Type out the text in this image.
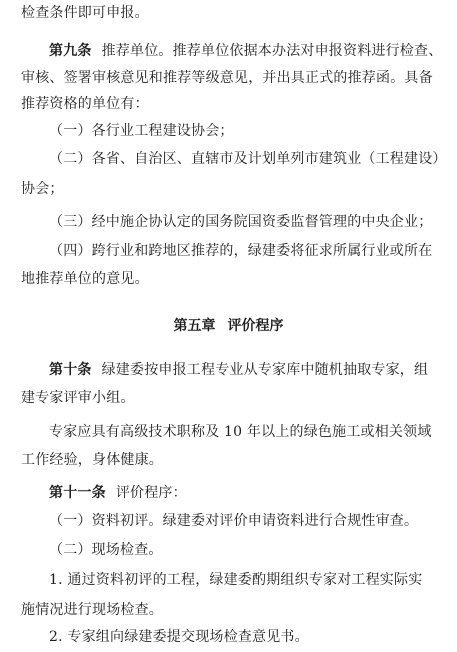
检查条件即可申报。
第九条 推荐单位。推荐单位依据本办法对申报资料进行检查、
审核、签署审核意见和推荐等级意见，并出具正式的推荐函。具备
推荐资格的单位有：
（一）各行业工程建设协会；
（二）各省、自治区、直辖市及计划单列市建筑业（工程建设）
协会；
（三）经中施企协认定的国务院国资委监督管理的中央企业；
（四）跨行业和跨地区推荐的，绿建委将征求所属行业或所在
地推荐单位的意见。
第五章 评价程序
第十条 绿建委按申报工程专业从专家库中随机抽取专家，组
建专家评审小组。
专家应具有高级技术职称及 10 年以上的绿色施工或相关领域
工作经验，身体健康。
第十一条 评价程序：
（一）资料初评。绿建委对评价申请资料进行合规性审查。
（二）现场检查。
1. 通过资料初评的工程，绿建委酌期组织专家对工程实际实
施情况进行现场检查。
2. 专家组向绿建委提交现场检查意见书。
